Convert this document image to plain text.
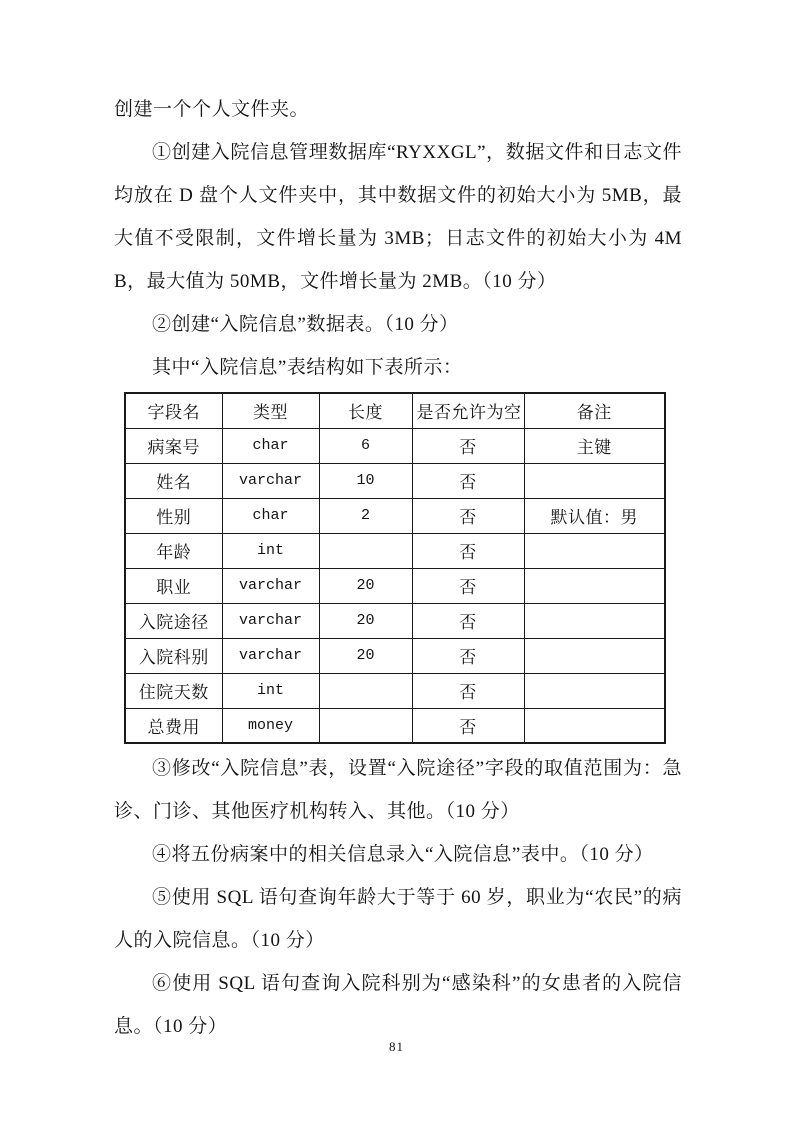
创建一个个人文件夹。

①创建入院信息管理数据库“RYXXGL”，数据文件和日志文件均放在 D 盘个人文件夹中，其中数据文件的初始大小为 5MB，最大值不受限制，文件增长量为 3MB；日志文件的初始大小为 4MB，最大值为 50MB，文件增长量为 2MB。（10 分）

②创建“入院信息”数据表。（10 分）

其中“入院信息”表结构如下表所示：

字段名	类型	长度	是否允许为空	备注
病案号	char	6	否	主键
姓名	varchar	10	否	
性别	char	2	否	默认值：男
年龄	int		否	
职业	varchar	20	否	
入院途径	varchar	20	否	
入院科别	varchar	20	否	
住院天数	int		否	
总费用	money		否	

③修改“入院信息”表，设置“入院途径”字段的取值范围为：急诊、门诊、其他医疗机构转入、其他。（10 分）

④将五份病案中的相关信息录入“入院信息”表中。（10 分）

⑤使用 SQL 语句查询年龄大于等于 60 岁，职业为“农民”的病人的入院信息。（10 分）

⑥使用 SQL 语句查询入院科别为“感染科”的女患者的入院信息。（10 分）

81
